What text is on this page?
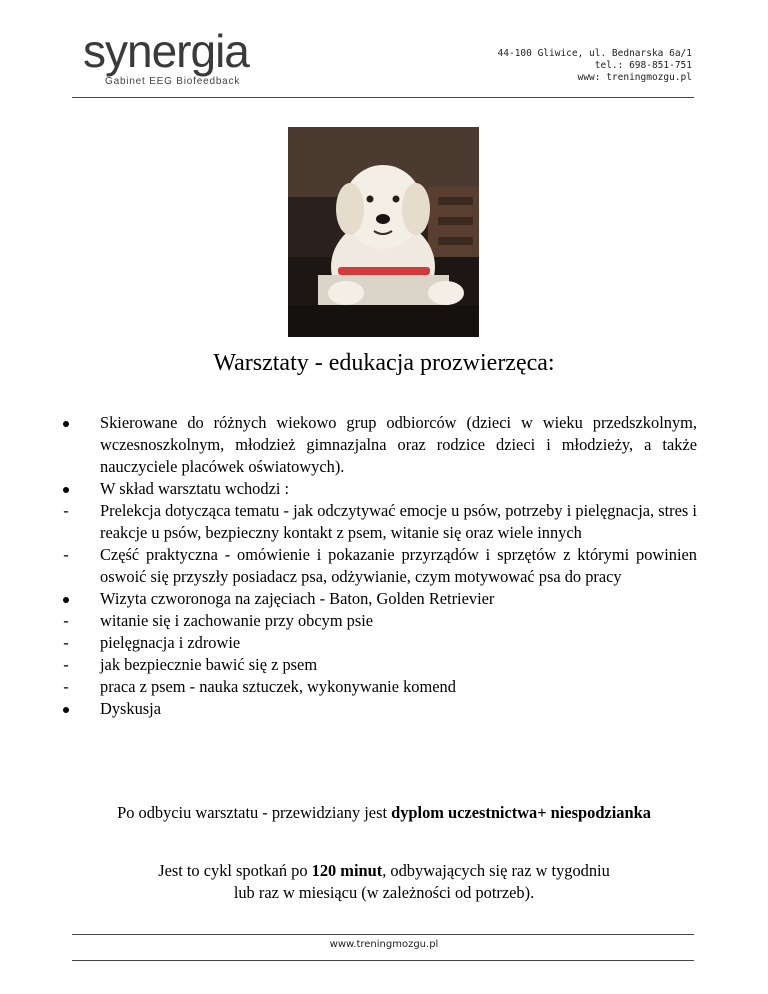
synergia
Gabinet EEG Biofeedback
44-100 Gliwice, ul. Bednarska 6a/1
tel.: 698-851-751
www: treningmozgu.pl
Warsztaty - edukacja prozwierzęca:
Skierowane do różnych wiekowo grup odbiorców (dzieci w wieku przedszkolnym, wczesnoszkolnym, młodzież gimnazjalna oraz rodzice dzieci i młodzieży, a także nauczyciele placówek oświatowych).
W skład warsztatu wchodzi :
-	Prelekcja dotycząca tematu - jak odczytywać emocje u psów, potrzeby i pielęgnacja, stres i reakcje u psów, bezpieczny kontakt z psem, witanie się oraz wiele innych
-	Część praktyczna - omówienie i pokazanie przyrządów i sprzętów z którymi powinien oswoić się przyszły posiadacz psa, odżywianie, czym motywować psa do pracy
Wizyta czworonoga na zajęciach - Baton, Golden Retrievier
-	witanie się i zachowanie przy obcym psie
-	pielęgnacja i zdrowie
-	jak bezpiecznie bawić się z psem
-	praca z psem - nauka sztuczek, wykonywanie komend
Dyskusja
Po odbyciu warsztatu - przewidziany jest dyplom uczestnictwa+ niespodzianka
Jest to cykl spotkań po 120 minut, odbywających się raz w tygodniu
lub raz w miesiącu (w zależności od potrzeb).
www.treningmozgu.pl
